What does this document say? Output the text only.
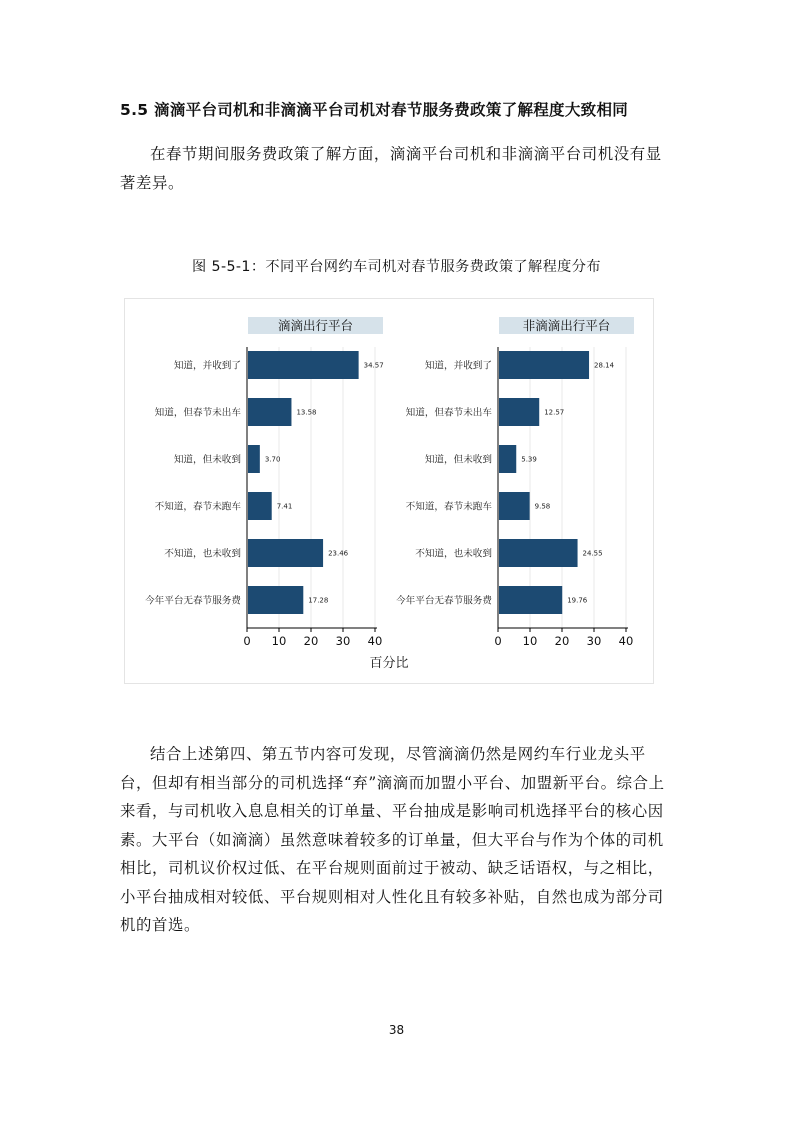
5.5 滴滴平台司机和非滴滴平台司机对春节服务费政策了解程度大致相同

在春节期间服务费政策了解方面，滴滴平台司机和非滴滴平台司机没有显著差异。

图 5-5-1：不同平台网约车司机对春节服务费政策了解程度分布
滴滴出行平台
0 10 20 30 40
知道，并收到了	34.57
知道，但春节未出车	13.58
知道，但未收到	3.70
不知道，春节未跑车	7.41
不知道，也未收到	23.46
今年平台无春节服务费	17.28
非滴滴出行平台
0 10 20 30 40
知道，并收到了	28.14
知道，但春节未出车	12.57
知道，但未收到	5.39
不知道，春节未跑车	9.58
不知道，也未收到	24.55
今年平台无春节服务费	19.76
百分比

结合上述第四、第五节内容可发现，尽管滴滴仍然是网约车行业龙头平台，但却有相当部分的司机选择“弃”滴滴而加盟小平台、加盟新平台。综合上来看，与司机收入息息相关的订单量、平台抽成是影响司机选择平台的核心因素。大平台（如滴滴）虽然意味着较多的订单量，但大平台与作为个体的司机相比，司机议价权过低、在平台规则面前过于被动、缺乏话语权，与之相比，小平台抽成相对较低、平台规则相对人性化且有较多补贴，自然也成为部分司机的首选。

38
